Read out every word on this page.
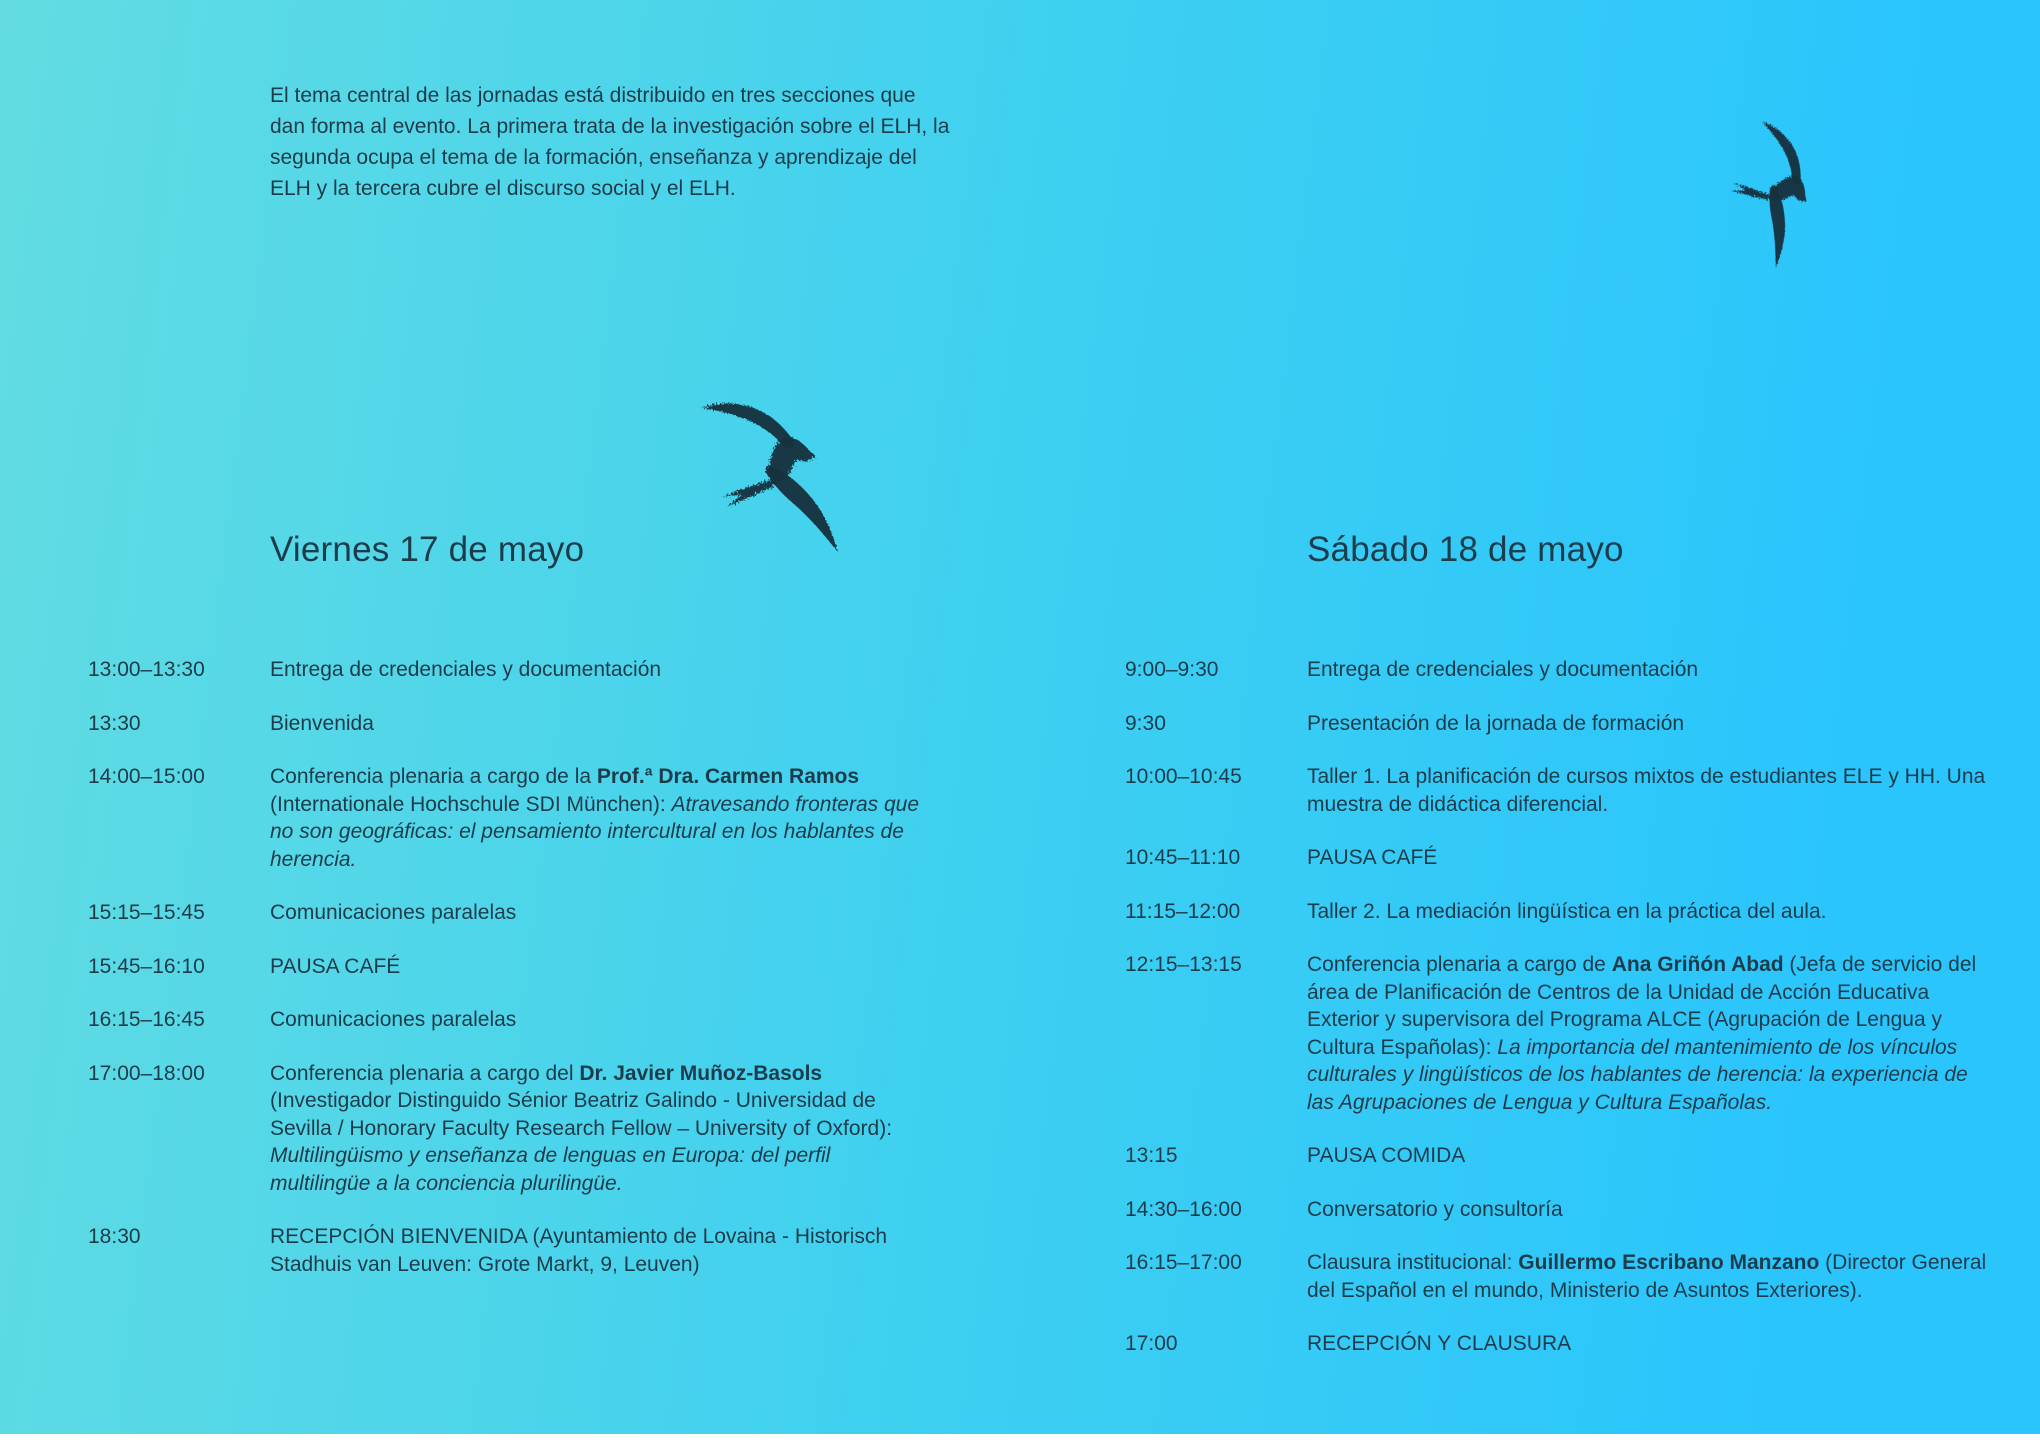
El tema central de las jornadas está distribuido en tres secciones que dan forma al evento. La primera trata de la investigación sobre el ELH, la segunda ocupa el tema de la formación, enseñanza y aprendizaje del ELH y la tercera cubre el discurso social y el ELH.

Viernes 17 de mayo
13:00–13:30	Entrega de credenciales y documentación
13:30	Bienvenida
14:00–15:00	Conferencia plenaria a cargo de la Prof.ª Dra. Carmen Ramos (Internationale Hochschule SDI München): Atravesando fronteras que no son geográficas: el pensamiento intercultural en los hablantes de herencia.
15:15–15:45	Comunicaciones paralelas
15:45–16:10	PAUSA CAFÉ
16:15–16:45	Comunicaciones paralelas
17:00–18:00	Conferencia plenaria a cargo del Dr. Javier Muñoz-Basols (Investigador Distinguido Sénior Beatriz Galindo - Universidad de Sevilla / Honorary Faculty Research Fellow – University of Oxford): Multilingüismo y enseñanza de lenguas en Europa: del perfil multilingüe a la conciencia plurilingüe.
18:30	RECEPCIÓN BIENVENIDA (Ayuntamiento de Lovaina - Historisch Stadhuis van Leuven: Grote Markt, 9, Leuven)
Sábado 18 de mayo
9:00–9:30	Entrega de credenciales y documentación
9:30	Presentación de la jornada de formación
10:00–10:45	Taller 1. La planificación de cursos mixtos de estudiantes ELE y HH. Una muestra de didáctica diferencial.
10:45–11:10	PAUSA CAFÉ
11:15–12:00	Taller 2. La mediación lingüística en la práctica del aula.
12:15–13:15	Conferencia plenaria a cargo de Ana Griñón Abad (Jefa de servicio del área de Planificación de Centros de la Unidad de Acción Educativa Exterior y supervisora del Programa ALCE (Agrupación de Lengua y Cultura Españolas): La importancia del mantenimiento de los vínculos culturales y lingüísticos de los hablantes de herencia: la experiencia de las Agrupaciones de Lengua y Cultura Españolas.
13:15	PAUSA COMIDA
14:30–16:00	Conversatorio y consultoría
16:15–17:00	Clausura institucional: Guillermo Escribano Manzano (Director General del Español en el mundo, Ministerio de Asuntos Exteriores).
17:00	RECEPCIÓN Y CLAUSURA
